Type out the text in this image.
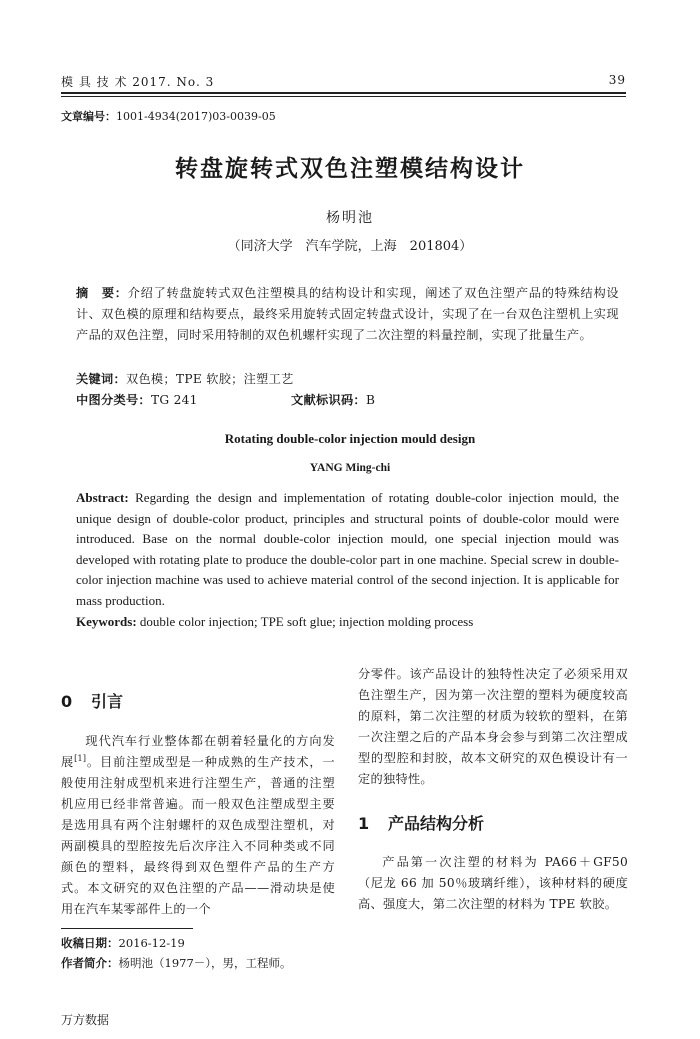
模 具 技 术 2017. No. 3	39
文章编号：1001-4934(2017)03-0039-05
转盘旋转式双色注塑模结构设计
杨明池
（同济大学　汽车学院，上海　201804）
摘　要：介绍了转盘旋转式双色注塑模具的结构设计和实现，阐述了双色注塑产品的特殊结构设计、双色模的原理和结构要点，最终采用旋转式固定转盘式设计，实现了在一台双色注塑机上实现产品的双色注塑，同时采用特制的双色机螺杆实现了二次注塑的料量控制，实现了批量生产。
关键词：双色模；TPE 软胶；注塑工艺
中图分类号：TG 241	文献标识码：B
Rotating double-color injection mould design
YANG Ming-chi
Abstract: Regarding the design and implementation of rotating double-color injection mould, the unique design of double-color product, principles and structural points of double-color mould were introduced. Base on the normal double-color injection mould, one special injection mould was developed with rotating plate to produce the double-color part in one machine. Special screw in double-color injection machine was used to achieve material control of the second injection. It is applicable for mass production.
Keywords: double color injection; TPE soft glue; injection molding process
0 引言
现代汽车行业整体都在朝着轻量化的方向发展[1]。目前注塑成型是一种成熟的生产技术，一般使用注射成型机来进行注塑生产，普通的注塑机应用已经非常普遍。而一般双色注塑成型主要是选用具有两个注射螺杆的双色成型注塑机，对两副模具的型腔按先后次序注入不同种类或不同颜色的塑料，最终得到双色塑件产品的生产方式。本文研究的双色注塑的产品——滑动块是使用在汽车某零部件上的一个
分零件。该产品设计的独特性决定了必须采用双色注塑生产，因为第一次注塑的塑料为硬度较高的原料，第二次注塑的材质为较软的塑料，在第一次注塑之后的产品本身会参与到第二次注塑成型的型腔和封胶，故本文研究的双色模设计有一定的独特性。
1 产品结构分析
产品第一次注塑的材料为 PA66＋GF50（尼龙 66 加 50％玻璃纤维），该种材料的硬度高、强度大，第二次注塑的材料为 TPE 软胶。
收稿日期：2016-12-19
作者简介：杨明池（1977－），男，工程师。
万方数据
